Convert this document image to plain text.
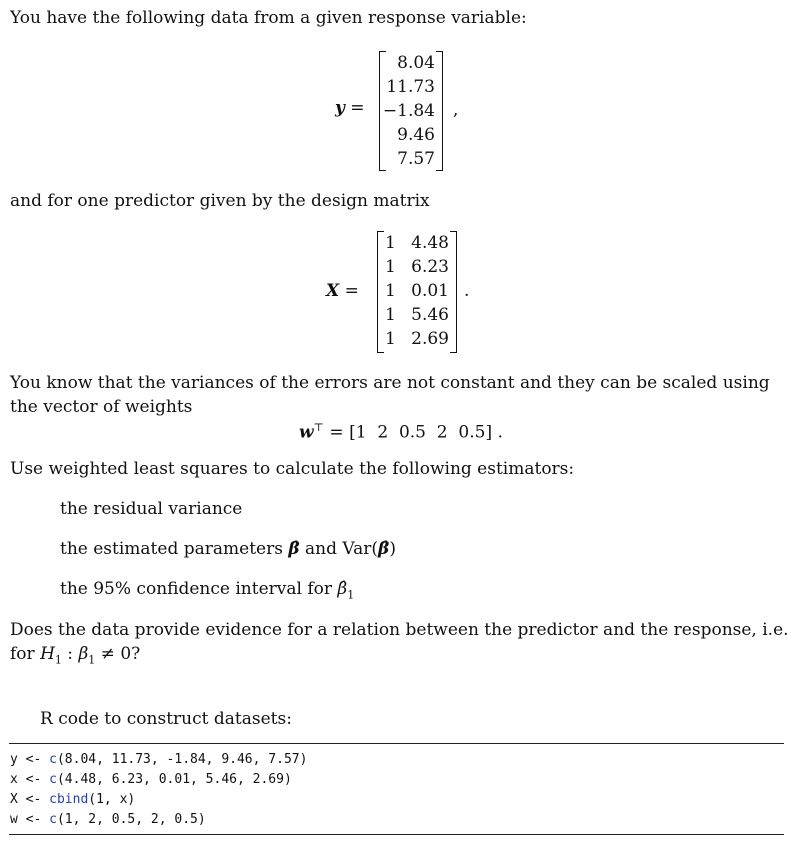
You have the following data from a given response variable:
y =
8.04
11.73
−1.84
9.46
7.57
,
and for one predictor given by the design matrix
X =
1
1
1
1
1
4.48
6.23
0.01
5.46
2.69
.
You know that the variances of the errors are not constant and they can be scaled using
the vector of weights
w⊤ = [1  2  0.5  2  0.5] .
Use weighted least squares to calculate the following estimators:
the residual variance
the estimated parameters β̂ and Var(β̂)
the 95% confidence interval for $\betâ_1$
Does the data provide evidence for a relation between the predictor and the response, i.e.
for $H_1$ : $\beta_1 \ne 0$?
R code to construct datasets:
y <- c(8.04, 11.73, -1.84, 9.46, 7.57)
x <- c(4.48, 6.23, 0.01, 5.46, 2.69)
X <- cbind(1, x)
w <- c(1, 2, 0.5, 2, 0.5)
